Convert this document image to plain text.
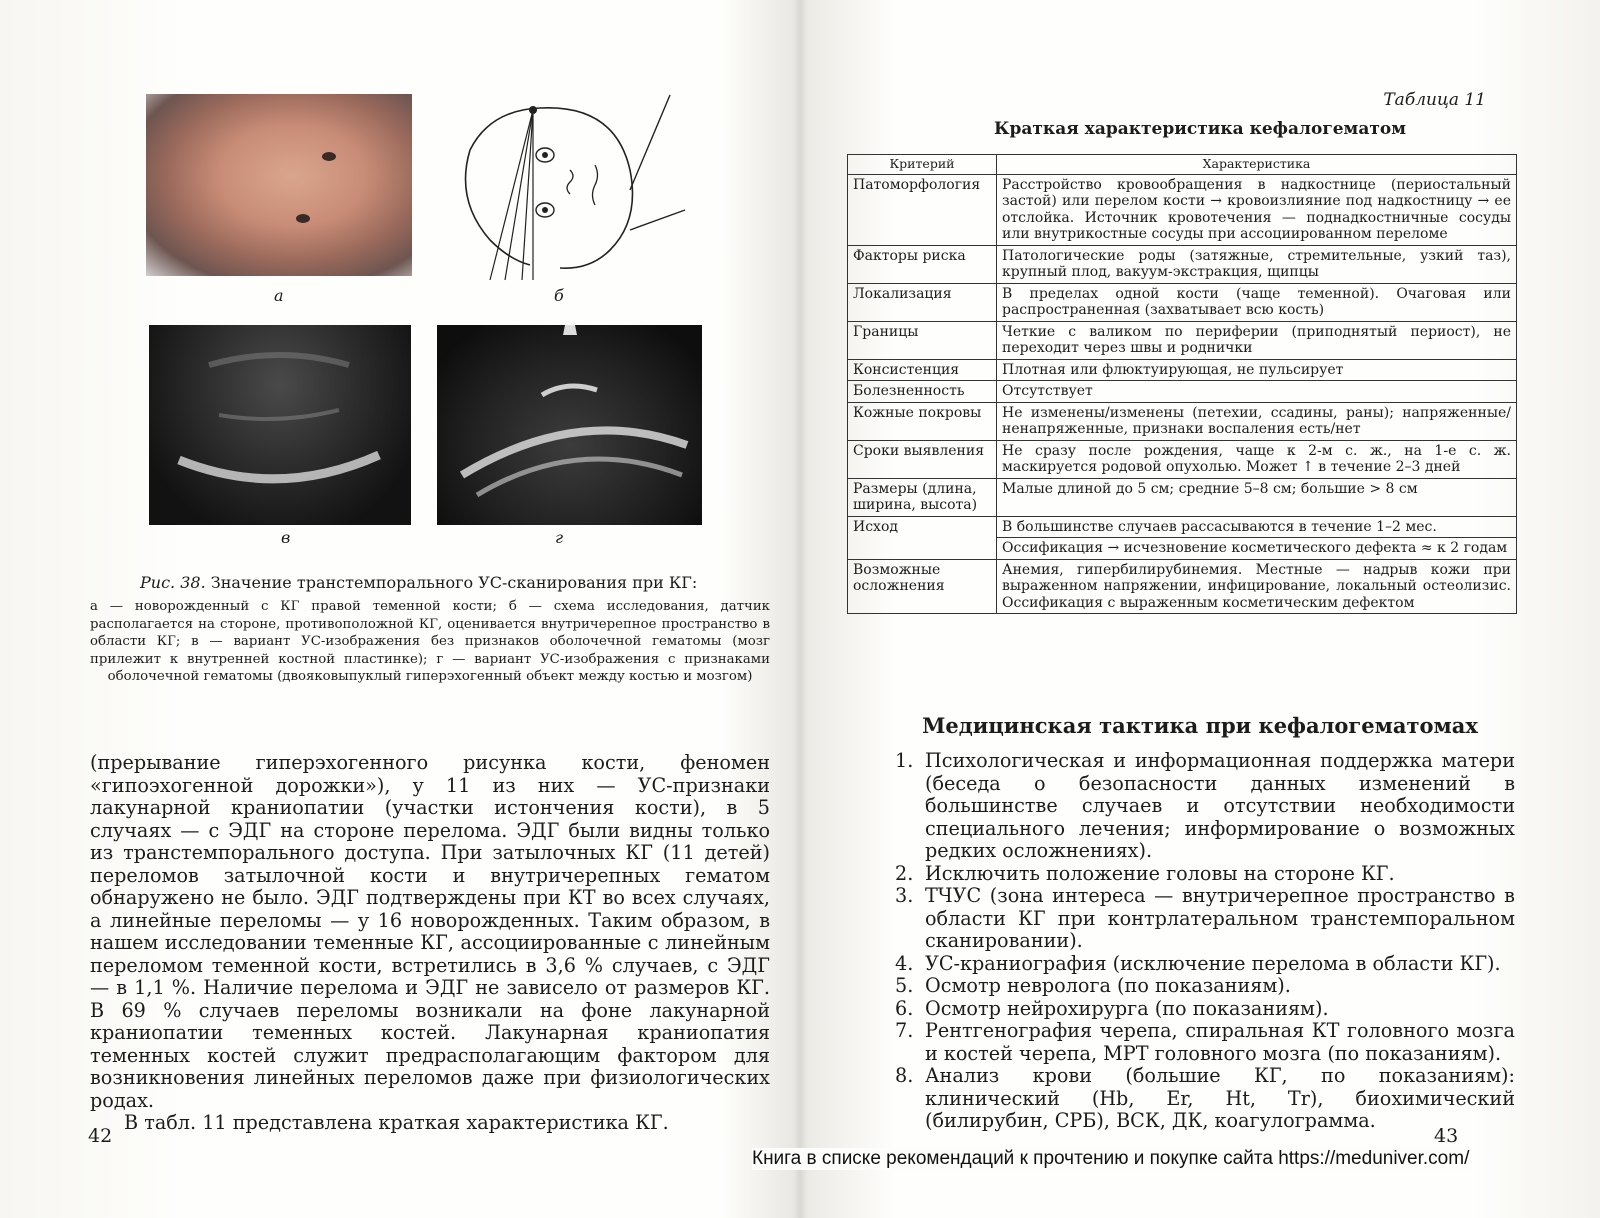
а	б
в	г
Рис. 38. Значение транстемпорального УС-сканирования при КГ:
а — новорожденный с КГ правой теменной кости; б — схема исследования, датчик располагается на стороне, противоположной КГ, оценивается внутричерепное пространство в области КГ; в — вариант УС-изображения без признаков оболочечной гематомы (мозг прилежит к внутренней костной пластинке); г — вариант УС-изображения с признаками оболочечной гематомы (двояковыпуклый гиперэхогенный объект между костью и мозгом)

(прерывание гиперэхогенного рисунка кости, феномен «гипоэхогенной дорожки»), у 11 из них — УС-признаки лакунарной краниопатии (участки истончения кости), в 5 случаях — с ЭДГ на стороне перелома. ЭДГ были видны только из транстемпорального доступа. При затылочных КГ (11 детей) переломов затылочной кости и внутричерепных гематом обнаружено не было. ЭДГ подтверждены при КТ во всех случаях, а линейные переломы — у 16 новорожденных. Таким образом, в нашем исследовании теменные КГ, ассоциированные с линейным переломом теменной кости, встретились в 3,6 % случаев, с ЭДГ — в 1,1 %. Наличие перелома и ЭДГ не зависело от размеров КГ. В 69 % случаев переломы возникали на фоне лакунарной краниопатии теменных костей. Лакунарная краниопатия теменных костей служит предрасполагающим фактором для возникновения линейных переломов даже при физиологических родах.

В табл. 11 представлена краткая характеристика КГ.

42
Таблица 11
Краткая характеристика кефалогематом
Медицинская тактика при кефалогематомах
43
Критерий	Характеристика
Патоморфология	Расстройство кровообращения в надкостнице (периостальный застой) или перелом кости → кровоизлияние под надкостницу → ее отслойка. Источник кровотечения — поднадкостничные сосуды или внутрикостные сосуды при ассоциированном переломе
Факторы риска	Патологические роды (затяжные, стремительные, узкий таз), крупный плод, вакуум-экстракция, щипцы
Локализация	В пределах одной кости (чаще теменной). Очаговая или распространенная (захватывает всю кость)
Границы	Четкие с валиком по периферии (приподнятый периост), не переходит через швы и роднички
Консистенция	Плотная или флюктуирующая, не пульсирует
Болезненность	Отсутствует
Кожные покровы	Не изменены/изменены (петехии, ссадины, раны); напряженные/ненапряженные, признаки воспаления есть/нет
Сроки выявления	Не сразу после рождения, чаще к 2-м с. ж., на 1-е с. ж. маскируется родовой опухолью. Может ↑ в течение 2–3 дней
Размеры (длина, ширина, высота)	Малые длиной до 5 см; средние 5–8 см; большие > 8 см
Исход	В большинстве случаев рассасываются в течение 1–2 мес.
	Оссификация → исчезновение косметического дефекта ≈ к 2 годам
Возможные осложнения	Анемия, гипербилирубинемия. Местные — надрыв кожи при выраженном напряжении, инфицирование, локальный остеолизис. Оссификация с выраженным косметическим дефектом
1. Психологическая и информационная поддержка матери (беседа о безопасности данных изменений в большинстве случаев и отсутствии необходимости специального лечения; информирование о возможных редких осложнениях).
2. Исключить положение головы на стороне КГ.
3. ТЧУС (зона интереса — внутричерепное пространство в области КГ при контрлатеральном транстемпоральном сканировании).
4. УС-краниография (исключение перелома в области КГ).
5. Осмотр невролога (по показаниям).
6. Осмотр нейрохирурга (по показаниям).
7. Рентгенография черепа, спиральная КТ головного мозга и костей черепа, МРТ головного мозга (по показаниям).
8. Анализ крови (большие КГ, по показаниям): клинический (Hb, Er, Ht, Tr), биохимический (билирубин, СРБ), ВСК, ДК, коагулограмма.
Книга в списке рекомендаций к прочтению и покупке сайта https://meduniver.com/
